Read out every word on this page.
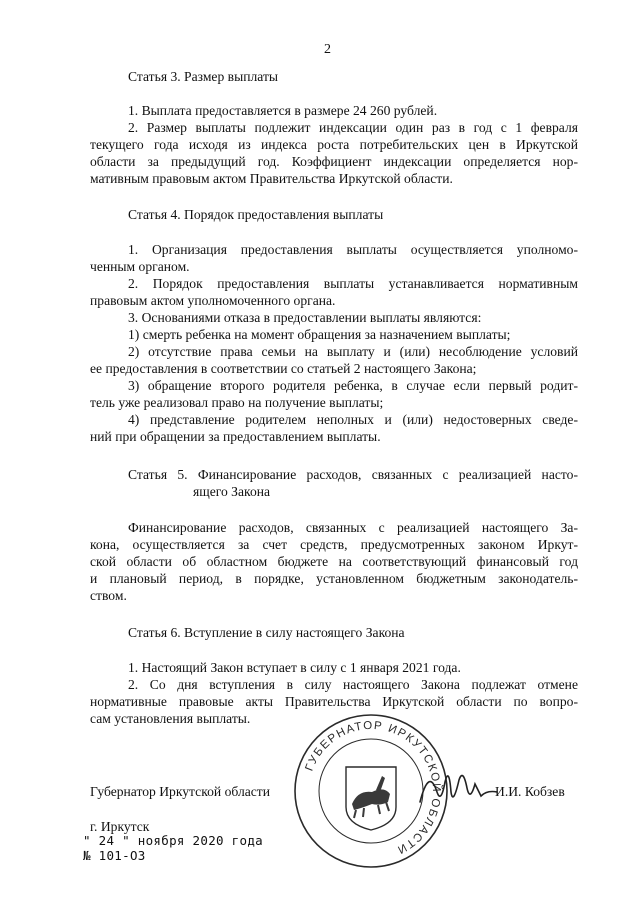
2
Статья 3. Размер выплаты
1. Выплата предоставляется в размере 24 260 рублей.
2. Размер выплаты подлежит индексации один раз в год с 1 февраля
текущего года исходя из индекса роста потребительских цен в Иркутской
области за предыдущий год. Коэффициент индексации определяется нор-
мативным правовым актом Правительства Иркутской области.
Статья 4. Порядок предоставления выплаты
1. Организация предоставления выплаты осуществляется уполномо-
ченным органом.
2. Порядок предоставления выплаты устанавливается нормативным
правовым актом уполномоченного органа.
3. Основаниями отказа в предоставлении выплаты являются:
1) смерть ребенка на момент обращения за назначением выплаты;
2) отсутствие права семьи на выплату и (или) несоблюдение условий
ее предоставления в соответствии со статьей 2 настоящего Закона;
3) обращение второго родителя ребенка, в случае если первый родит-
тель уже реализовал право на получение выплаты;
4) представление родителем неполных и (или) недостоверных сведе-
ний при обращении за предоставлением выплаты.
Статья 5. Финансирование расходов, связанных с реализацией насто-
ящего Закона
Финансирование расходов, связанных с реализацией настоящего За-
кона, осуществляется за счет средств, предусмотренных законом Иркут-
ской области об областном бюджете на соответствующий финансовый год
и плановый период, в порядке, установленном бюджетным законодатель-
ством.
Статья 6. Вступление в силу настоящего Закона
1. Настоящий Закон вступает в силу с 1 января 2021 года.
2. Со дня вступления в силу настоящего Закона подлежат отмене
нормативные правовые акты Правительства Иркутской области по вопро-
сам установления выплаты.
ГУБЕРНАТОР ИРКУТСКОЙ ОБЛАСТИ
Губернатор Иркутской области	И.И. Кобзев
г. Иркутск
" 24 " ноября 2020 года
№ 101-ОЗ
